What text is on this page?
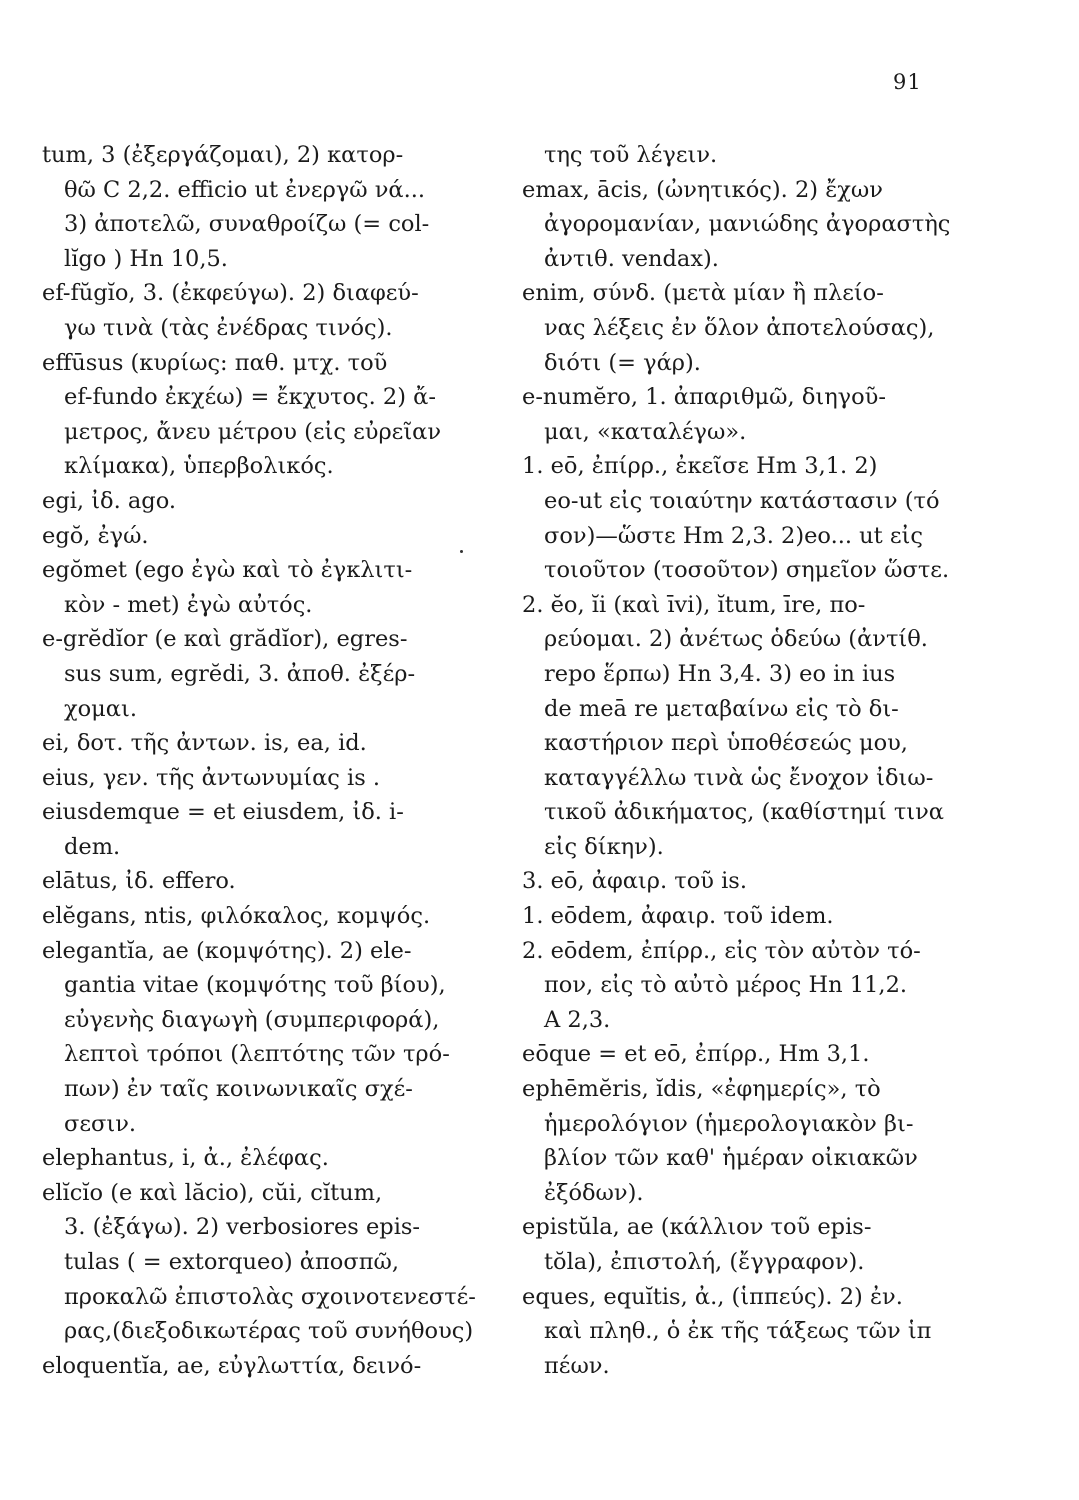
91
tum, 3 (ἐξεργάζομαι), 2) κατορ-
θῶ C 2,2. efficio ut ἐνεργῶ νά...
3) ἀποτελῶ, συναθροίζω (= col-
lĭgo ) Hn 10,5.
ef-fŭgĭo, 3. (ἐκφεύγω). 2) διαφεύ-
γω τινὰ (τὰς ἐνέδρας τινός).
effūsus (κυρίως: παθ. μτχ. τοῦ
ef-fundo ἐκχέω) = ἔκχυτος. 2) ἄ-
μετρος, ἄνευ μέτρου (εἰς εὐρεῖαν
κλίμακα), ὑπερβολικός.
egi, ἰδ. ago.
egŏ, ἐγώ.
egŏmet (ego ἐγὼ καὶ τὸ ἐγκλιτι-
κὸν - met) ἐγὼ αὐτός.
e-grĕdĭor (e καὶ grădĭor), egres-
sus sum, egrĕdi, 3. ἀποθ. ἐξέρ-
χομαι.
ei, δοτ. τῆς ἀντων. is, ea, id.
eius, γεν. τῆς ἀντωνυμίας is .
eiusdemque = et eiusdem, ἰδ. i-
dem.
elātus, ἰδ. effero.
elĕgans, ntis, φιλόκαλος, κομψός.
elegantĭa, ae (κομψότης). 2) ele-
gantia vitae (κομψότης τοῦ βίου),
εὐγενὴς διαγωγὴ (συμπεριφορά),
λεπτοὶ τρόποι (λεπτότης τῶν τρό-
πων) ἐν ταῖς κοινωνικαῖς σχέ-
σεσιν.
elephantus, i, ἀ., ἐλέφας.
elĭcĭo (e καὶ lăcio), cŭi, cĭtum,
3. (ἐξάγω). 2) verbosiores epis-
tulas ( = extorqueo) ἀποσπῶ,
προκαλῶ ἐπιστολὰς σχοινοτενεστέ-
ρας,(διεξοδικωτέρας τοῦ συνήθους)
eloquentĭa, ae, εὐγλωττία, δεινό-
της τοῦ λέγειν.
emax, ācis, (ὠνητικός). 2) ἔχων
ἀγορομανίαν, μανιώδης ἀγοραστὴς
ἀντιθ. vendax).
enim, σύνδ. (μετὰ μίαν ἢ πλείο-
νας λέξεις ἐν ὅλον ἀποτελούσας),
διότι (= γάρ).
e-numĕro, 1. ἀπαριθμῶ, διηγοῦ-
μαι, «καταλέγω».
1. eō, ἐπίρρ., ἐκεῖσε Hm 3,1. 2)
eo-ut εἰς τοιαύτην κατάστασιν (τό
σον)—ὥστε Hm 2,3. 2)eo... ut εἰς
τοιοῦτον (τοσοῦτον) σημεῖον ὥστε.
2. ĕo, ĭi (καὶ īvi), ĭtum, īre, πο-
ρεύομαι. 2) ἀνέτως ὁδεύω (ἀντίθ.
repo ἕρπω) Hn 3,4. 3) eo in ius
de meā re μεταβαίνω εἰς τὸ δι-
καστήριον περὶ ὑποθέσεώς μου,
καταγγέλλω τινὰ ὡς ἔνοχον ἰδιω-
τικοῦ ἀδικήματος, (καθίστημί τινα
εἰς δίκην).
3. eō, ἀφαιρ. τοῦ is.
1. eōdem, ἀφαιρ. τοῦ idem.
2. eōdem, ἐπίρρ., εἰς τὸν αὐτὸν τό-
πον, εἰς τὸ αὐτὸ μέρος Hn 11,2.
A 2,3.
eōque = et eō, ἐπίρρ., Hm 3,1.
ephēmĕris, ĭdis, «ἐφημερίς», τὸ
ἡμερολόγιον (ἡμερολογιακὸν βι-
βλίον τῶν καθ' ἡμέραν οἰκιακῶν
ἐξόδων).
epistŭla, ae (κάλλιον τοῦ epis-
tŏla), ἐπιστολή, (ἔγγραφον).
eques, equĭtis, ἀ., (ἱππεύς). 2) ἐν.
καὶ πληθ., ὁ ἐκ τῆς τάξεως τῶν ἱπ
πέων.
